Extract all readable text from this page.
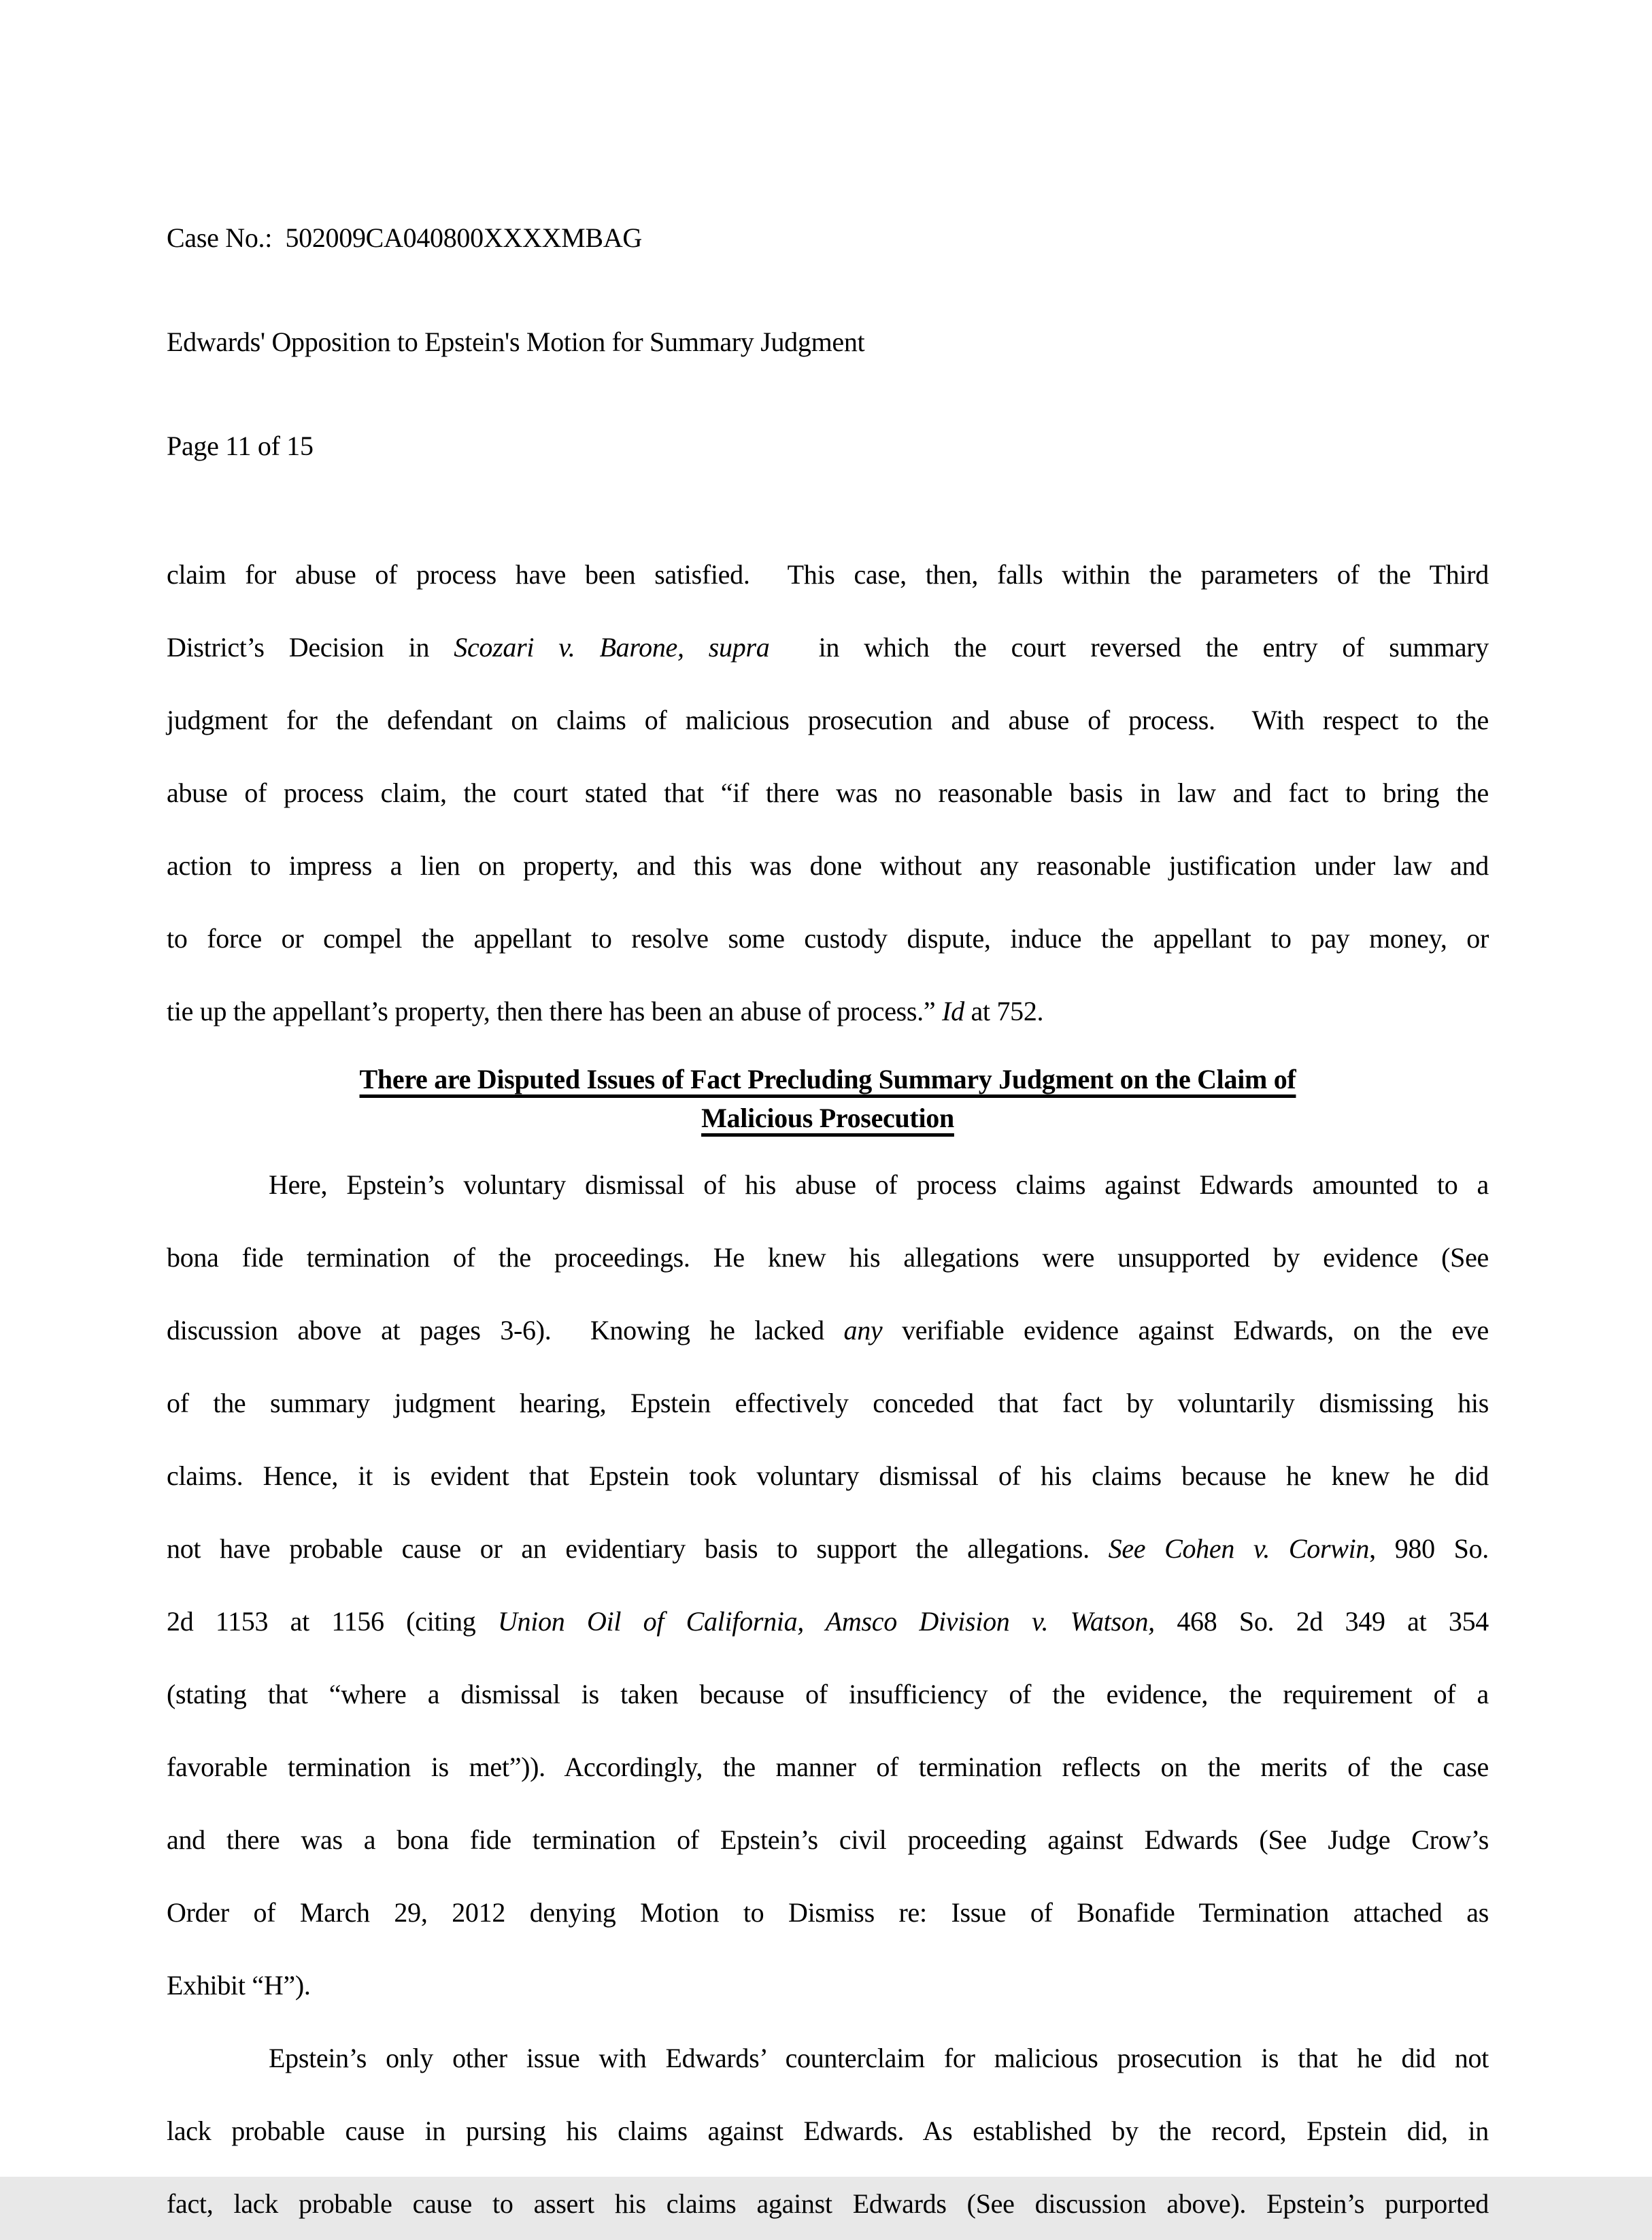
Case No.:  502009CA040800XXXXMBAG

Edwards' Opposition to Epstein's Motion for Summary Judgment

Page 11 of 15

claim for abuse of process have been satisfied.  This case, then, falls within the parameters of the Third
District’s Decision in Scozari v. Barone, supra  in which the court reversed the entry of summary
judgment for the defendant on claims of malicious prosecution and abuse of process.  With respect to the
abuse of process claim, the court stated that “if there was no reasonable basis in law and fact to bring the
action to impress a lien on property, and this was done without any reasonable justification under law and
to force or compel the appellant to resolve some custody dispute, induce the appellant to pay money, or
tie up the appellant’s property, then there has been an abuse of process.” Id at 752.
There are Disputed Issues of Fact Precluding Summary Judgment on the Claim of
Malicious Prosecution
Here, Epstein’s voluntary dismissal of his abuse of process claims against Edwards amounted to a
bona fide termination of the proceedings. He knew his allegations were unsupported by evidence (See
discussion above at pages 3-6).  Knowing he lacked any verifiable evidence against Edwards, on the eve
of the summary judgment hearing, Epstein effectively conceded that fact by voluntarily dismissing his
claims. Hence, it is evident that Epstein took voluntary dismissal of his claims because he knew he did
not have probable cause or an evidentiary basis to support the allegations. See Cohen v. Corwin, 980 So.
2d 1153 at 1156 (citing Union Oil of California, Amsco Division v. Watson, 468 So. 2d 349 at 354
(stating that “where a dismissal is taken because of insufficiency of the evidence, the requirement of a
favorable termination is met”)). Accordingly, the manner of termination reflects on the merits of the case
and there was a bona fide termination of Epstein’s civil proceeding against Edwards (See Judge Crow’s
Order of March 29, 2012 denying Motion to Dismiss re: Issue of Bonafide Termination attached as
Exhibit “H”).
Epstein’s only other issue with Edwards’ counterclaim for malicious prosecution is that he did not
lack probable cause in pursing his claims against Edwards. As established by the record, Epstein did, in
fact, lack probable cause to assert his claims against Edwards (See discussion above). Epstein’s purported
